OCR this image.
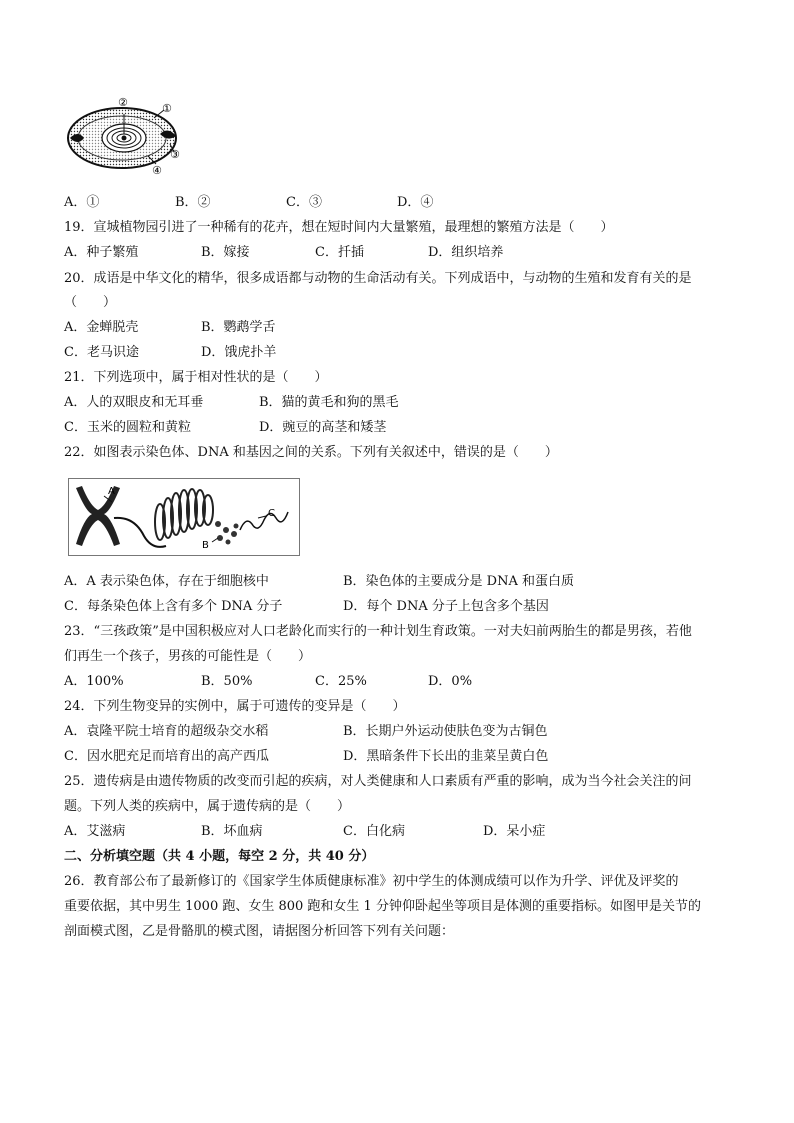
②	①
③
④
A．①	B．②	C．③	D．④
19．宣城植物园引进了一种稀有的花卉，想在短时间内大量繁殖，最理想的繁殖方法是（　　）
A．种子繁殖	B．嫁接	C．扦插	D．组织培养
20．成语是中华文化的精华，很多成语都与动物的生命活动有关。下列成语中，与动物的生殖和发育有关的是
（　　）
A．金蝉脱壳	B．鹦鹉学舌
C．老马识途	D．饿虎扑羊
21．下列选项中，属于相对性状的是（　　）
A．人的双眼皮和无耳垂	B．猫的黄毛和狗的黑毛
C．玉米的圆粒和黄粒	D．豌豆的高茎和矮茎
22．如图表示染色体、DNA 和基因之间的关系。下列有关叙述中，错误的是（　　）
A
B
C
A．A 表示染色体，存在于细胞核中	B．染色体的主要成分是 DNA 和蛋白质
C．每条染色体上含有多个 DNA 分子	D．每个 DNA 分子上包含多个基因
23．“三孩政策”是中国积极应对人口老龄化而实行的一种计划生育政策。一对夫妇前两胎生的都是男孩，若他
们再生一个孩子，男孩的可能性是（　　）
A．100%	B．50%	C．25%	D．0%
24．下列生物变异的实例中，属于可遗传的变异是（　　）
A．袁隆平院士培育的超级杂交水稻	B．长期户外运动使肤色变为古铜色
C．因水肥充足而培育出的高产西瓜	D．黑暗条件下长出的韭菜呈黄白色
25．遗传病是由遗传物质的改变而引起的疾病，对人类健康和人口素质有严重的影响，成为当今社会关注的问
题。下列人类的疾病中，属于遗传病的是（　　）
A．艾滋病	B．坏血病	C．白化病	D．呆小症
二、分析填空题（共 4 小题，每空 2 分，共 40 分）
26．教育部公布了最新修订的《国家学生体质健康标准》初中学生的体测成绩可以作为升学、评优及评奖的
重要依据，其中男生 1000 跑、女生 800 跑和女生 1 分钟仰卧起坐等项目是体测的重要指标。如图甲是关节的
剖面模式图，乙是骨骼肌的模式图，请据图分析回答下列有关问题：
